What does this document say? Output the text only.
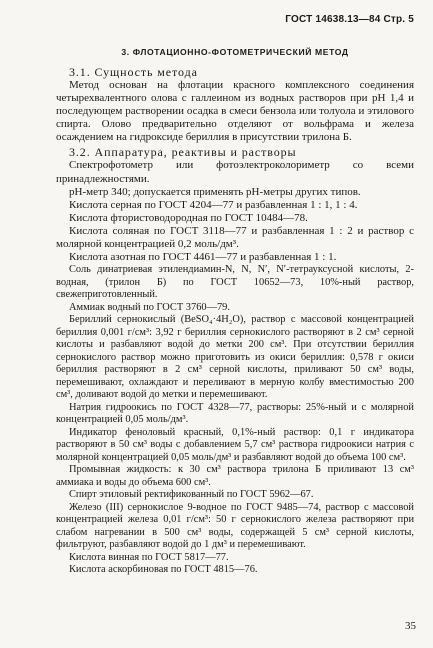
ГОСТ 14638.13—84 Стр. 5
3. ФЛОТАЦИОННО-ФОТОМЕТРИЧЕСКИЙ МЕТОД
3.1. Сущность метода

Метод основан на флотации красного комплексного соединения четырехвалентного олова с галлеином из водных растворов при pH 1,4 и последующем растворении осадка в смеси бензола или толуола и этилового спирта. Олово предварительно отделяют от вольфрама и железа осаждением на гидроксиде бериллия в присутствии трилона Б.

3.2. Аппаратура, реактивы и растворы

Спектрофотометр или фотоэлектроколориметр со всеми принадлежностями.

pH-метр 340; допускается применять pH-метры других типов.

Кислота серная по ГОСТ 4204—77 и разбавленная 1 : 1, 1 : 4.

Кислота фтористоводородная по ГОСТ 10484—78.

Кислота соляная по ГОСТ 3118—77 и разбавленная 1 : 2 и раствор с молярной концентрацией 0,2 моль/дм³.

Кислота азотная по ГОСТ 4461—77 и разбавленная 1 : 1.

Соль динатриевая этилендиамин-N, N, N′, N′-тетрауксусной кислоты, 2-водная, (трилон Б) по ГОСТ 10652—73, 10%-ный раствор, свежеприготовленный.

Аммиак водный по ГОСТ 3760—79.

Бериллий сернокислый (BeSO₄·4H₂O), раствор с массовой концентрацией бериллия 0,001 г/см³: 3,92 г бериллия сернокислого растворяют в 2 см³ серной кислоты и разбавляют водой до метки 200 см³. При отсутствии бериллия сернокислого раствор можно приготовить из окиси бериллия: 0,578 г окиси бериллия растворяют в 2 см³ серной кислоты, приливают 50 см³ воды, перемешивают, охлаждают и переливают в мерную колбу вместимостью 200 см³, доливают водой до метки и перемешивают.

Натрия гидроокись по ГОСТ 4328—77, растворы: 25%-ный и с молярной концентрацией 0,05 моль/дм³.

Индикатор феноловый красный, 0,1%-ный раствор: 0,1 г индикатора растворяют в 50 см³ воды с добавлением 5,7 см³ раствора гидроокиси натрия с молярной концентрацией 0,05 моль/дм³ и разбавляют водой до объема 100 см³.

Промывная жидкость: к 30 см³ раствора трилона Б приливают 13 см³ аммиака и воды до объема 600 см³.

Спирт этиловый ректификованный по ГОСТ 5962—67.

Железо (III) сернокислое 9-водное по ГОСТ 9485—74, раствор с массовой концентрацией железа 0,01 г/см³: 50 г сернокислого железа растворяют при слабом нагревании в 500 см³ воды, содержащей 5 см³ серной кислоты, фильтруют, разбавляют водой до 1 дм³ и перемешивают.

Кислота винная по ГОСТ 5817—77.

Кислота аскорбиновая по ГОСТ 4815—76.

35
